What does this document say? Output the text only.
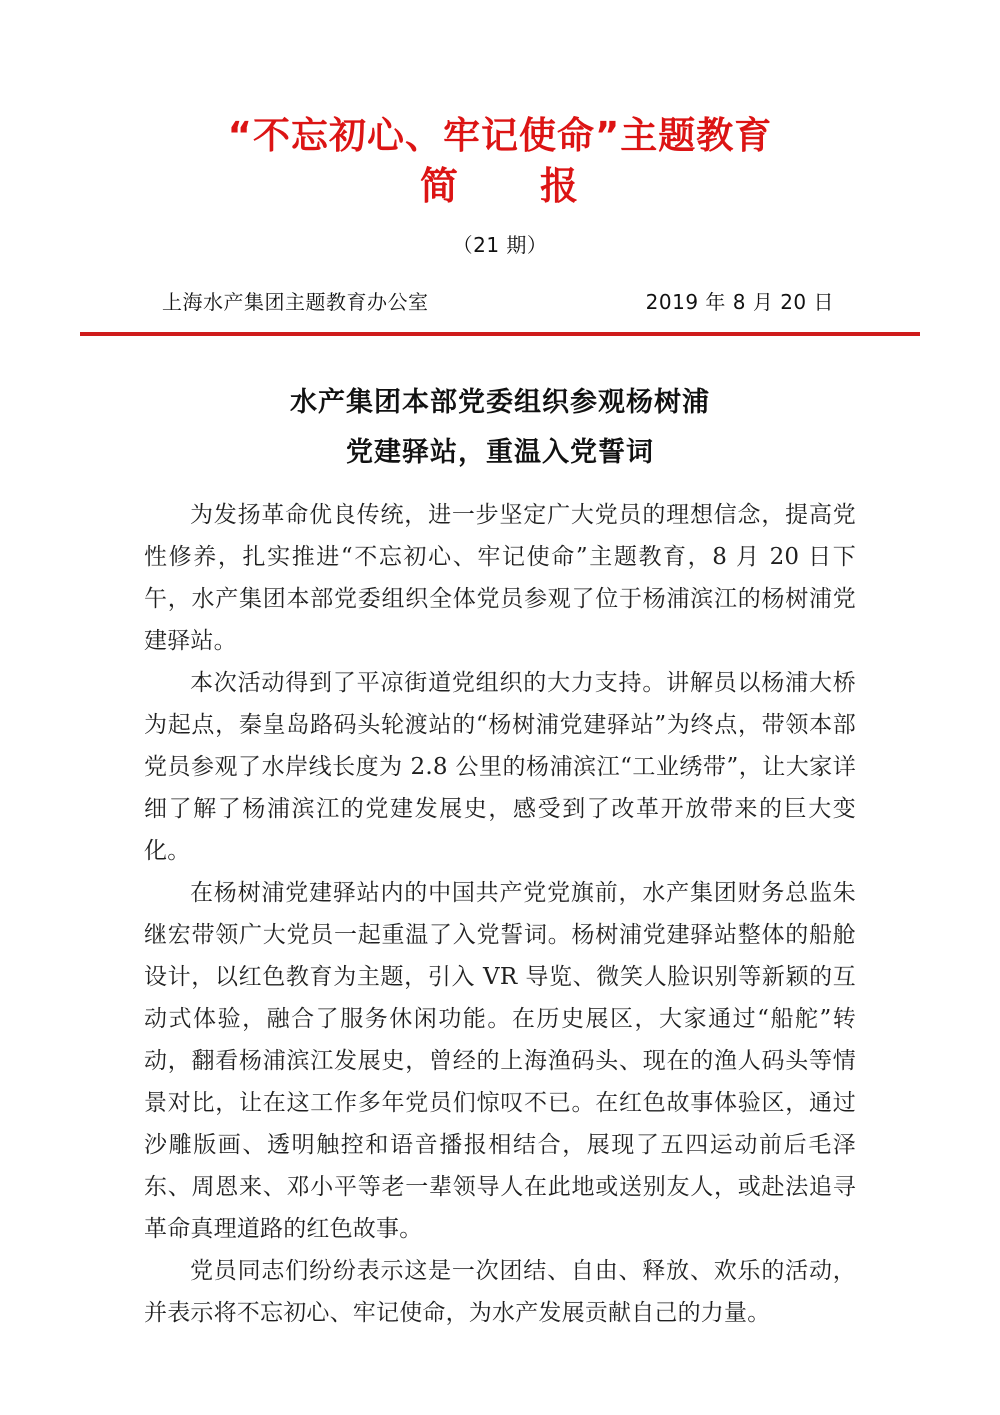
“不忘初心、牢记使命”主题教育
简　　报
（21 期）
上海水产集团主题教育办公室	2019 年 8 月 20 日
水产集团本部党委组织参观杨树浦
党建驿站，重温入党誓词

为发扬革命优良传统，进一步坚定广大党员的理想信念，提高党性修养，扎实推进“不忘初心、牢记使命”主题教育，8 月 20 日下午，水产集团本部党委组织全体党员参观了位于杨浦滨江的杨树浦党建驿站。

本次活动得到了平凉街道党组织的大力支持。讲解员以杨浦大桥为起点，秦皇岛路码头轮渡站的“杨树浦党建驿站”为终点，带领本部党员参观了水岸线长度为 2.8 公里的杨浦滨江“工业绣带”，让大家详细了解了杨浦滨江的党建发展史，感受到了改革开放带来的巨大变化。

在杨树浦党建驿站内的中国共产党党旗前，水产集团财务总监朱继宏带领广大党员一起重温了入党誓词。杨树浦党建驿站整体的船舱设计，以红色教育为主题，引入 VR 导览、微笑人脸识别等新颖的互动式体验，融合了服务休闲功能。在历史展区，大家通过“船舵”转动，翻看杨浦滨江发展史，曾经的上海渔码头、现在的渔人码头等情景对比，让在这工作多年党员们惊叹不已。在红色故事体验区，通过沙雕版画、透明触控和语音播报相结合，展现了五四运动前后毛泽东、周恩来、邓小平等老一辈领导人在此地或送别友人，或赴法追寻革命真理道路的红色故事。

党员同志们纷纷表示这是一次团结、自由、释放、欢乐的活动，并表示将不忘初心、牢记使命，为水产发展贡献自己的力量。
